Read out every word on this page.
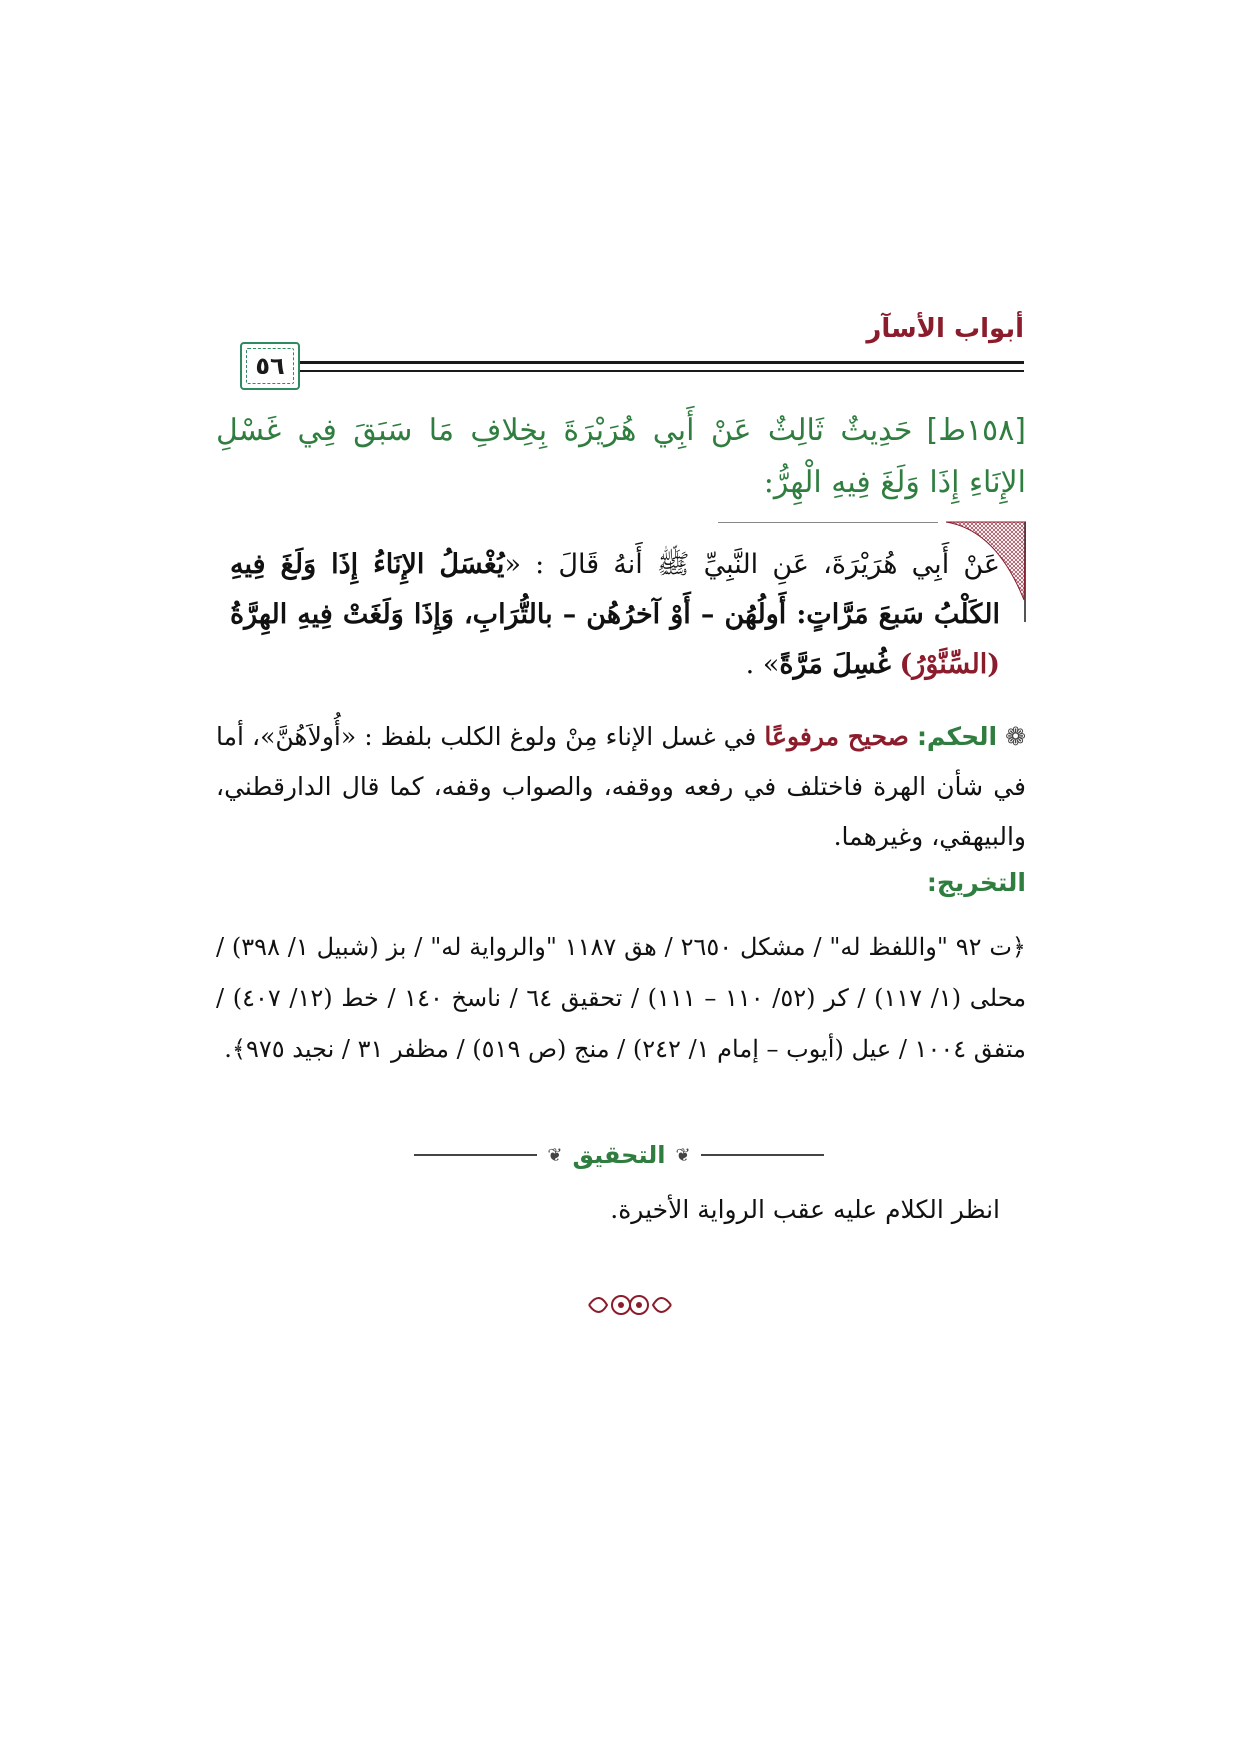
أبواب الأسآر
٥٦
[١٥٨ط]حَدِيثٌ ثَالِثٌ عَنْ أَبِي هُرَيْرَةَ بِخِلافِ مَا سَبَقَ فِي غَسْلِ الإِنَاءِ إِذَا وَلَغَ فِيهِ الْهِرُّ:
عَنْ أَبِي هُرَيْرَةَ، عَنِ النَّبِيِّ ﷺ أَنهُ قَالَ : «يُغْسَلُ الإِنَاءُ إِذَا وَلَغَ فِيهِ الكَلْبُ سَبعَ مَرَّاتٍ: أَولُهُن – أَوْ آخرُهُن – بالتُّرَابِ، وَإِذَا وَلَغَتْ فِيهِ الهِرَّةُ (السِّنَّوْرُ) غُسِلَ مَرَّةً» .
❁الحكم: صحيح مرفوعًا في غسل الإناء مِنْ ولوغ الكلب بلفظ : «أُولاَهُنَّ»، أما في شأن الهرة فاختلف في رفعه ووقفه، والصواب وقفه، كما قال الدارقطني، والبيهقي، وغيرهما.
التخريج:
﴿ت ٩٢ "واللفظ له" / مشكل ٢٦٥٠ / هق ١١٨٧ "والرواية له" / بز (شبيل ١/ ٣٩٨) / محلى (١/ ١١٧) / كر (٥٢/ ١١٠ – ١١١) / تحقيق ٦٤ / ناسخ ١٤٠ / خط (١٢/ ٤٠٧) / متفق ١٠٠٤ / عيل (أيوب – إمام ١/ ٢٤٢) / منج (ص ٥١٩) / مظفر ٣١ / نجيد ٩٧٥﴾.
❦
التحقيق
❦
انظر الكلام عليه عقب الرواية الأخيرة.
